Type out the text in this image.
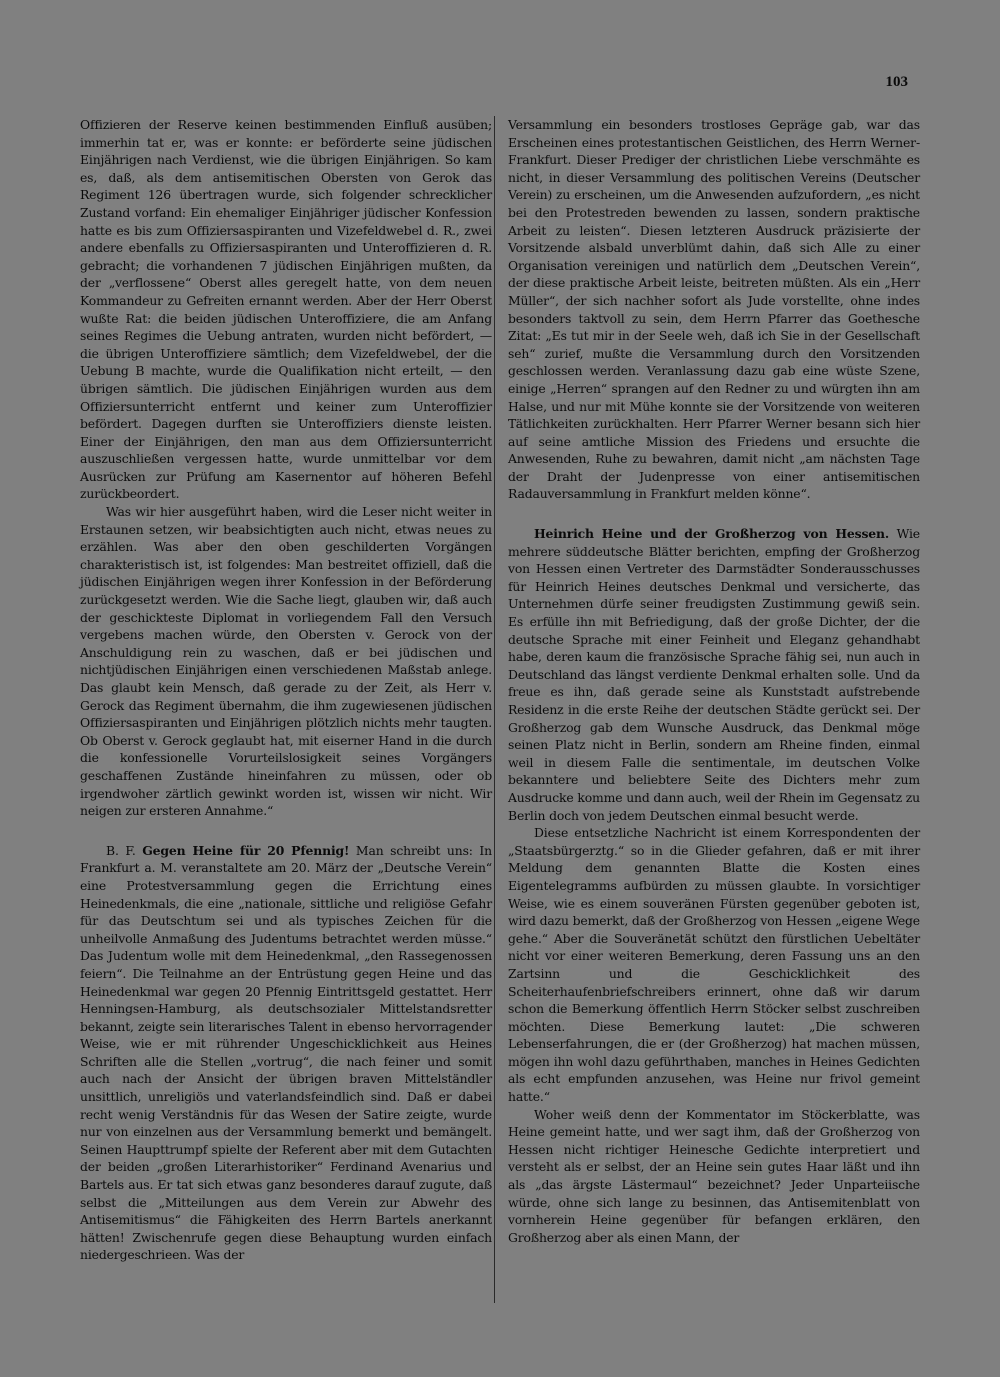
103

Offizieren der Reserve keinen bestimmenden Einfluß ausüben; immerhin tat er, was er konnte: er beförderte seine jüdischen Einjährigen nach Verdienst, wie die übrigen Einjährigen. So kam es, daß, als dem antisemitischen Obersten von Gerok das Regiment 126 übertragen wurde, sich folgender schrecklicher Zustand vorfand: Ein ehemaliger Einjähriger jüdischer Konfession hatte es bis zum Offiziersaspiranten und Vizefeldwebel d. R., zwei andere ebenfalls zu Offiziersaspiranten und Unteroffizieren d. R. gebracht; die vorhandenen 7 jüdischen Einjährigen mußten, da der „verflossene“ Oberst alles geregelt hatte, von dem neuen Kommandeur zu Gefreiten ernannt werden. Aber der Herr Oberst wußte Rat: die beiden jüdischen Unteroffiziere, die am Anfang seines Regimes die Uebung antraten, wurden nicht befördert, — die übrigen Unteroffiziere sämtlich; dem Vizefeldwebel, der die Uebung B machte, wurde die Qualifikation nicht erteilt, — den übrigen sämtlich. Die jüdischen Einjährigen wurden aus dem Offiziersunterricht entfernt und keiner zum Unteroffizier befördert. Dagegen durften sie Unteroffiziers dienste leisten. Einer der Einjährigen, den man aus dem Offiziersunterricht auszuschließen vergessen hatte, wurde unmittelbar vor dem Ausrücken zur Prüfung am Kasernentor auf höheren Befehl zurückbeordert.

Was wir hier ausgeführt haben, wird die Leser nicht weiter in Erstaunen setzen, wir beabsichtigten auch nicht, etwas neues zu erzählen. Was aber den oben geschilderten Vorgängen charakteristisch ist, ist folgendes: Man bestreitet offiziell, daß die jüdischen Einjährigen wegen ihrer Konfession in der Beförderung zurückgesetzt werden. Wie die Sache liegt, glauben wir, daß auch der geschickteste Diplomat in vorliegendem Fall den Versuch vergebens machen würde, den Obersten v. Gerock von der Anschuldigung rein zu waschen, daß er bei jüdischen und nichtjüdischen Einjährigen einen verschiedenen Maßstab anlege. Das glaubt kein Mensch, daß gerade zu der Zeit, als Herr v. Gerock das Regiment übernahm, die ihm zugewiesenen jüdischen Offiziersaspiranten und Einjährigen plötzlich nichts mehr taugten. Ob Oberst v. Gerock geglaubt hat, mit eiserner Hand in die durch die konfessionelle Vorurteilslosigkeit seines Vorgängers geschaffenen Zustände hineinfahren zu müssen, oder ob irgendwoher zärtlich gewinkt worden ist, wissen wir nicht. Wir neigen zur ersteren Annahme.“

B. F. Gegen Heine für 20 Pfennig! Man schreibt uns: In Frankfurt a. M. veranstaltete am 20. März der „Deutsche Verein“ eine Protestversammlung gegen die Errichtung eines Heinedenkmals, die eine „nationale, sittliche und religiöse Gefahr für das Deutschtum sei und als typisches Zeichen für die unheilvolle Anmaßung des Judentums betrachtet werden müsse.“ Das Judentum wolle mit dem Heinedenkmal, „den Rassegenossen feiern“. Die Teilnahme an der Entrüstung gegen Heine und das Heinedenkmal war gegen 20 Pfennig Eintrittsgeld gestattet. Herr Henningsen-Hamburg, als deutschsozialer Mittelstandsretter bekannt, zeigte sein literarisches Talent in ebenso hervorragender Weise, wie er mit rührender Ungeschicklichkeit aus Heines Schriften alle die Stellen „vortrug“, die nach feiner und somit auch nach der Ansicht der übrigen braven Mittelständler unsittlich, unreligiös und vaterlandsfeindlich sind. Daß er dabei recht wenig Verständnis für das Wesen der Satire zeigte, wurde nur von einzelnen aus der Versammlung bemerkt und bemängelt. Seinen Haupttrumpf spielte der Referent aber mit dem Gutachten der beiden „großen Literarhistoriker“ Ferdinand Avenarius und Bartels aus. Er tat sich etwas ganz besonderes darauf zugute, daß selbst die „Mitteilungen aus dem Verein zur Abwehr des Antisemitismus“ die Fähigkeiten des Herrn Bartels anerkannt hätten! Zwischenrufe gegen diese Behauptung wurden einfach niedergeschrieen. Was der

Versammlung ein besonders trostloses Gepräge gab, war das Erscheinen eines protestantischen Geistlichen, des Herrn Werner-Frankfurt. Dieser Prediger der christlichen Liebe verschmähte es nicht, in dieser Versammlung des politischen Vereins (Deutscher Verein) zu erscheinen, um die Anwesenden aufzufordern, „es nicht bei den Protestreden bewenden zu lassen, sondern praktische Arbeit zu leisten“. Diesen letzteren Ausdruck präzisierte der Vorsitzende alsbald unverblümt dahin, daß sich Alle zu einer Organisation vereinigen und natürlich dem „Deutschen Verein“, der diese praktische Arbeit leiste, beitreten müßten. Als ein „Herr Müller“, der sich nachher sofort als Jude vorstellte, ohne indes besonders taktvoll zu sein, dem Herrn Pfarrer das Goethesche Zitat: „Es tut mir in der Seele weh, daß ich Sie in der Gesellschaft seh“ zurief, mußte die Versammlung durch den Vorsitzenden geschlossen werden. Veranlassung dazu gab eine wüste Szene, einige „Herren“ sprangen auf den Redner zu und würgten ihn am Halse, und nur mit Mühe konnte sie der Vorsitzende von weiteren Tätlichkeiten zurückhalten. Herr Pfarrer Werner besann sich hier auf seine amtliche Mission des Friedens und ersuchte die Anwesenden, Ruhe zu bewahren, damit nicht „am nächsten Tage der Draht der Judenpresse von einer antisemitischen Radauversammlung in Frankfurt melden könne“.

Heinrich Heine und der Großherzog von Hessen. Wie mehrere süddeutsche Blätter berichten, empfing der Großherzog von Hessen einen Vertreter des Darmstädter Sonderausschusses für Heinrich Heines deutsches Denkmal und versicherte, das Unternehmen dürfe seiner freudigsten Zustimmung gewiß sein. Es erfülle ihn mit Befriedigung, daß der große Dichter, der die deutsche Sprache mit einer Feinheit und Eleganz gehandhabt habe, deren kaum die französische Sprache fähig sei, nun auch in Deutschland das längst verdiente Denkmal erhalten solle. Und da freue es ihn, daß gerade seine als Kunststadt aufstrebende Residenz in die erste Reihe der deutschen Städte gerückt sei. Der Großherzog gab dem Wunsche Ausdruck, das Denkmal möge seinen Platz nicht in Berlin, sondern am Rheine finden, einmal weil in diesem Falle die sentimentale, im deutschen Volke bekanntere und beliebtere Seite des Dichters mehr zum Ausdrucke komme und dann auch, weil der Rhein im Gegensatz zu Berlin doch von jedem Deutschen einmal besucht werde.

Diese entsetzliche Nachricht ist einem Korrespondenten der „Staatsbürgerztg.“ so in die Glieder gefahren, daß er mit ihrer Meldung dem genannten Blatte die Kosten eines Eigentelegramms aufbürden zu müssen glaubte. In vorsichtiger Weise, wie es einem souveränen Fürsten gegenüber geboten ist, wird dazu bemerkt, daß der Großherzog von Hessen „eigene Wege gehe.“ Aber die Souveränetät schützt den fürstlichen Uebeltäter nicht vor einer weiteren Bemerkung, deren Fassung uns an den Zartsinn und die Geschicklichkeit des Scheiterhaufenbriefschreibers erinnert, ohne daß wir darum schon die Bemerkung öffentlich Herrn Stöcker selbst zuschreiben möchten. Diese Bemerkung lautet: „Die schweren Lebenserfahrungen, die er (der Großherzog) hat machen müssen, mögen ihn wohl dazu geführthaben, manches in Heines Gedichten als echt empfunden anzusehen, was Heine nur frivol gemeint hatte.“

Woher weiß denn der Kommentator im Stöckerblatte, was Heine gemeint hatte, und wer sagt ihm, daß der Großherzog von Hessen nicht richtiger Heinesche Gedichte interpretiert und versteht als er selbst, der an Heine sein gutes Haar läßt und ihn als „das ärgste Lästermaul“ bezeichnet? Jeder Unparteiische würde, ohne sich lange zu besinnen, das Antisemitenblatt von vornherein Heine gegenüber für befangen erklären, den Großherzog aber als einen Mann, der
